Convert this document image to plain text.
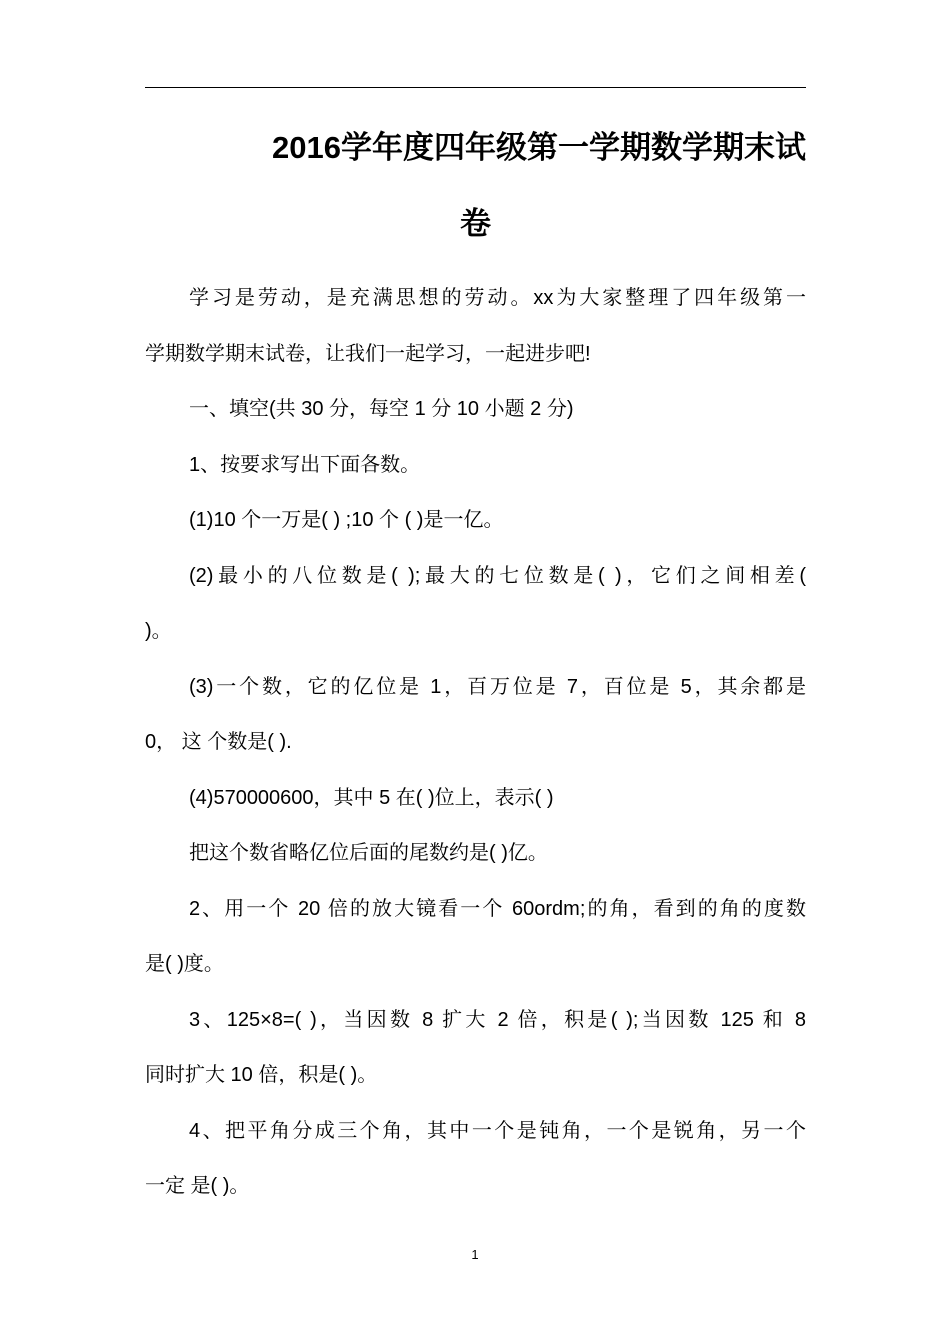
2016学年度四年级第一学期数学期末试
卷
学习是劳动，是充满思想的劳动。xx为大家整理了四年级第一
学期数学期末试卷，让我们一起学习，一起进步吧!
一、填空(共 30 分，每空 1 分 10 小题 2 分)
1、按要求写出下面各数。
(1)10 个一万是( ) ;10 个 ( )是一亿。
(2)最小的八位数是( );最大的七位数是( )，它们之间相差(
)。
(3)一个数，它的亿位是 1，百万位是 7，百位是 5，其余都是
0， 这 个数是( ).
(4)570000600，其中 5 在( )位上，表示( )
把这个数省略亿位后面的尾数约是( )亿。
2、用一个 20 倍的放大镜看一个 60ordm;的角，看到的角的度数
是( )度。
3、125×8=( )，当因数 8 扩大 2 倍，积是( );当因数 125 和 8
同时扩大 10 倍，积是( )。
4、把平角分成三个角，其中一个是钝角，一个是锐角，另一个
一定 是( )。
1
